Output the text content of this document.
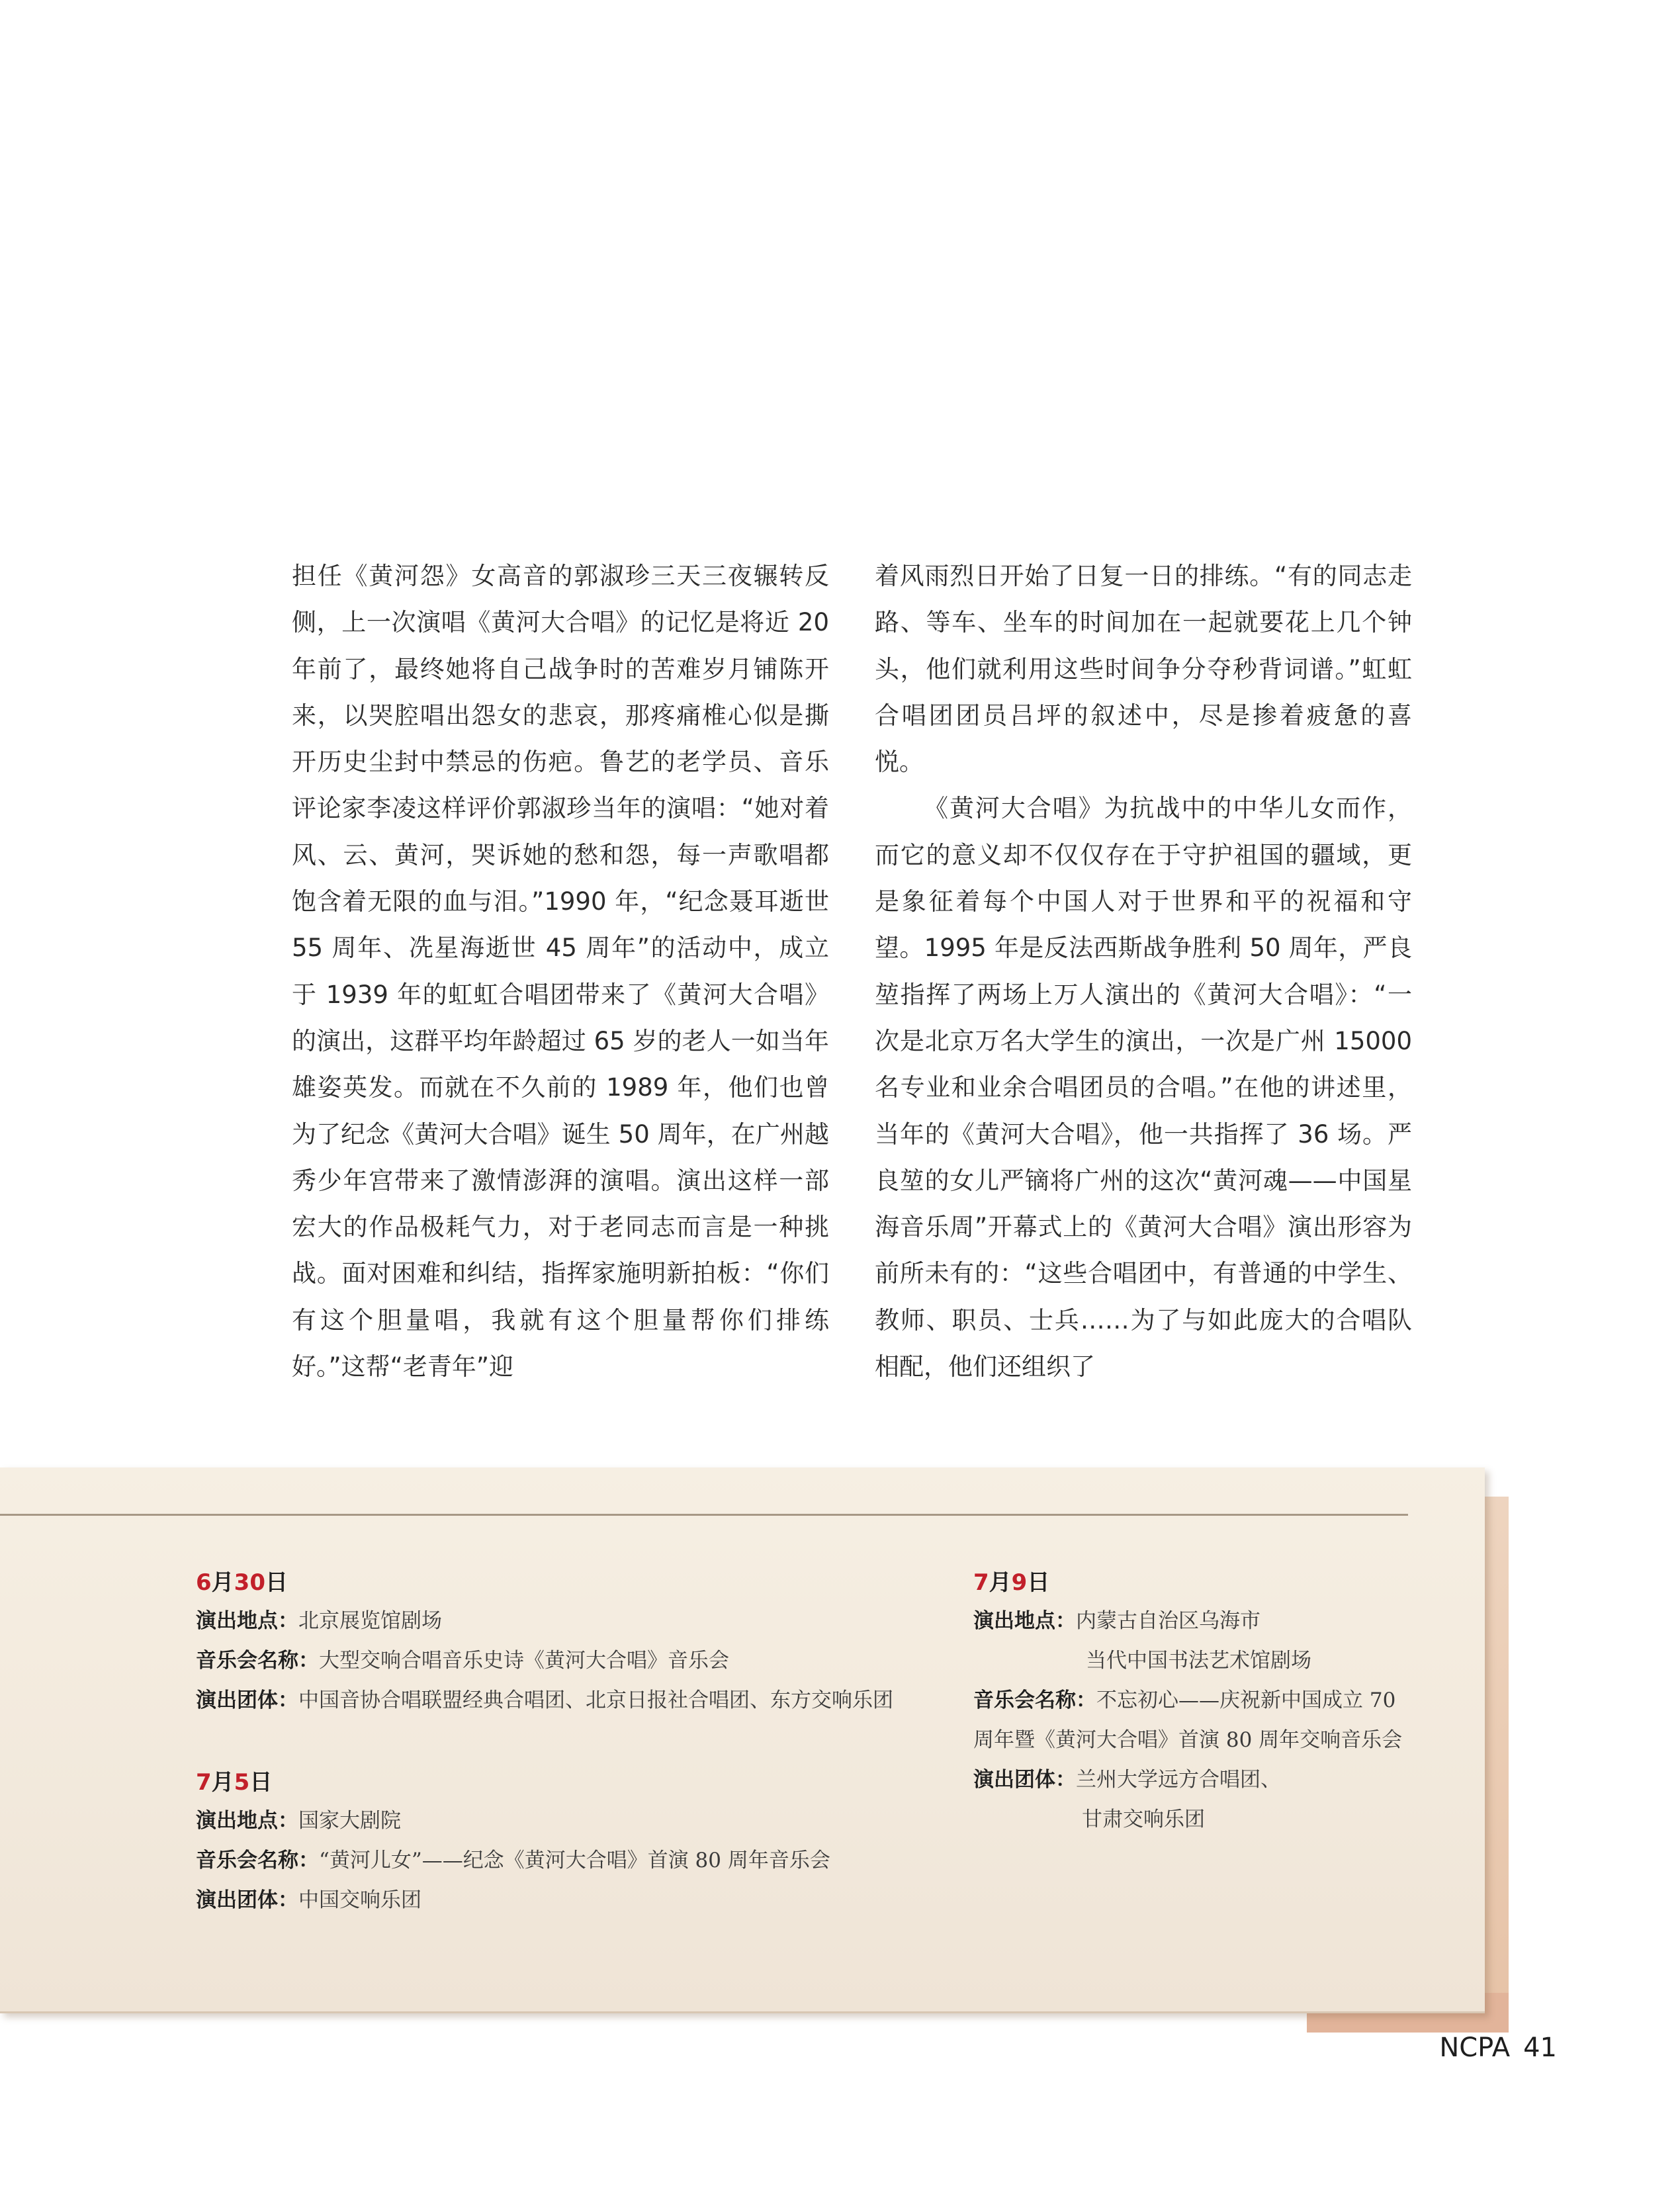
担任《黄河怨》女高音的郭淑珍三天三夜辗转反侧，上一次演唱《黄河大合唱》的记忆是将近 20 年前了，最终她将自己战争时的苦难岁月铺陈开来，以哭腔唱出怨女的悲哀，那疼痛椎心似是撕开历史尘封中禁忌的伤疤。鲁艺的老学员、音乐评论家李凌这样评价郭淑珍当年的演唱：“她对着风、云、黄河，哭诉她的愁和怨，每一声歌唱都饱含着无限的血与泪。”1990 年，“纪念聂耳逝世 55 周年、冼星海逝世 45 周年”的活动中，成立于 1939 年的虹虹合唱团带来了《黄河大合唱》的演出，这群平均年龄超过 65 岁的老人一如当年雄姿英发。而就在不久前的 1989 年，他们也曾为了纪念《黄河大合唱》诞生 50 周年，在广州越秀少年宫带来了激情澎湃的演唱。演出这样一部宏大的作品极耗气力，对于老同志而言是一种挑战。面对困难和纠结，指挥家施明新拍板：“你们有这个胆量唱，我就有这个胆量帮你们排练好。”这帮“老青年”迎

着风雨烈日开始了日复一日的排练。“有的同志走路、等车、坐车的时间加在一起就要花上几个钟头，他们就利用这些时间争分夺秒背词谱。”虹虹合唱团团员吕坪的叙述中，尽是掺着疲惫的喜悦。

《黄河大合唱》为抗战中的中华儿女而作，而它的意义却不仅仅存在于守护祖国的疆域，更是象征着每个中国人对于世界和平的祝福和守望。1995 年是反法西斯战争胜利 50 周年，严良堃指挥了两场上万人演出的《黄河大合唱》：“一次是北京万名大学生的演出，一次是广州 15000 名专业和业余合唱团员的合唱。”在他的讲述里，当年的《黄河大合唱》，他一共指挥了 36 场。严良堃的女儿严镝将广州的这次“黄河魂——中国星海音乐周”开幕式上的《黄河大合唱》演出形容为前所未有的：“这些合唱团中，有普通的中学生、教师、职员、士兵……为了与如此庞大的合唱队相配，他们还组织了

6月30日
演出地点：北京展览馆剧场
音乐会名称：大型交响合唱音乐史诗《黄河大合唱》音乐会
演出团体：中国音协合唱联盟经典合唱团、北京日报社合唱团、东方交响乐团
7月5日
演出地点：国家大剧院
音乐会名称：“黄河儿女”——纪念《黄河大合唱》首演 80 周年音乐会
演出团体：中国交响乐团
7月9日
演出地点：内蒙古自治区乌海市
当代中国书法艺术馆剧场
音乐会名称：不忘初心——庆祝新中国成立 70
周年暨《黄河大合唱》首演 80 周年交响音乐会
演出团体：兰州大学远方合唱团、
甘肃交响乐团
NCPA 41
